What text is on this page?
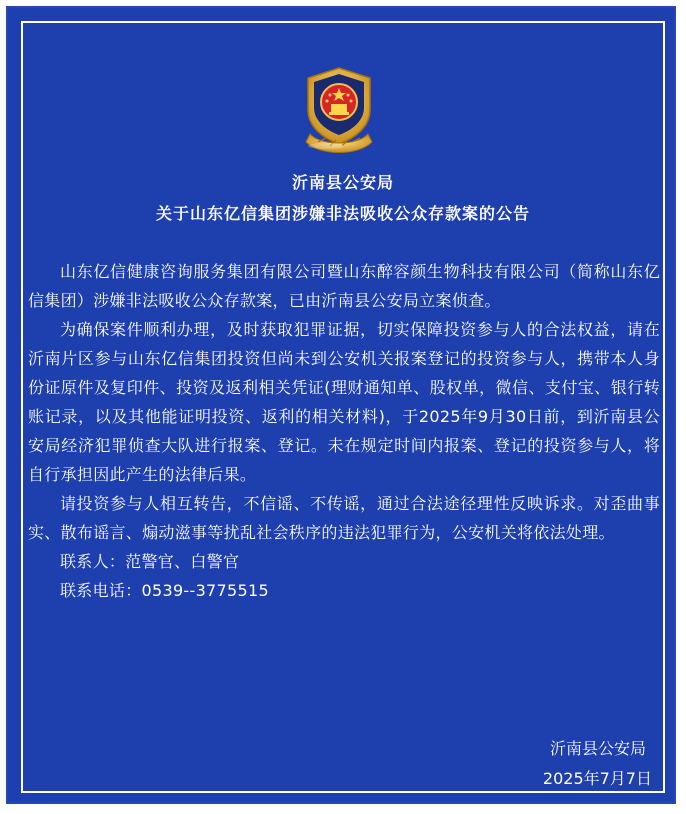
沂南县公安局
关于山东亿信集团涉嫌非法吸收公众存款案的公告

山东亿信健康咨询服务集团有限公司暨山东醉容颜生物科技有限公司（简称山东亿信集团）涉嫌非法吸收公众存款案，已由沂南县公安局立案侦查。

为确保案件顺利办理，及时获取犯罪证据，切实保障投资参与人的合法权益，请在沂南片区参与山东亿信集团投资但尚未到公安机关报案登记的投资参与人，携带本人身份证原件及复印件、投资及返利相关凭证(理财通知单、股权单，微信、支付宝、银行转账记录，以及其他能证明投资、返利的相关材料)，于2025年9月30日前，到沂南县公安局经济犯罪侦查大队进行报案、登记。未在规定时间内报案、登记的投资参与人，将自行承担因此产生的法律后果。

请投资参与人相互转告，不信谣、不传谣，通过合法途径理性反映诉求。对歪曲事实、散布谣言、煽动滋事等扰乱社会秩序的违法犯罪行为，公安机关将依法处理。

联系人：范警官、白警官
联系电话：0539--3775515
沂南县公安局
2025年7月7日
